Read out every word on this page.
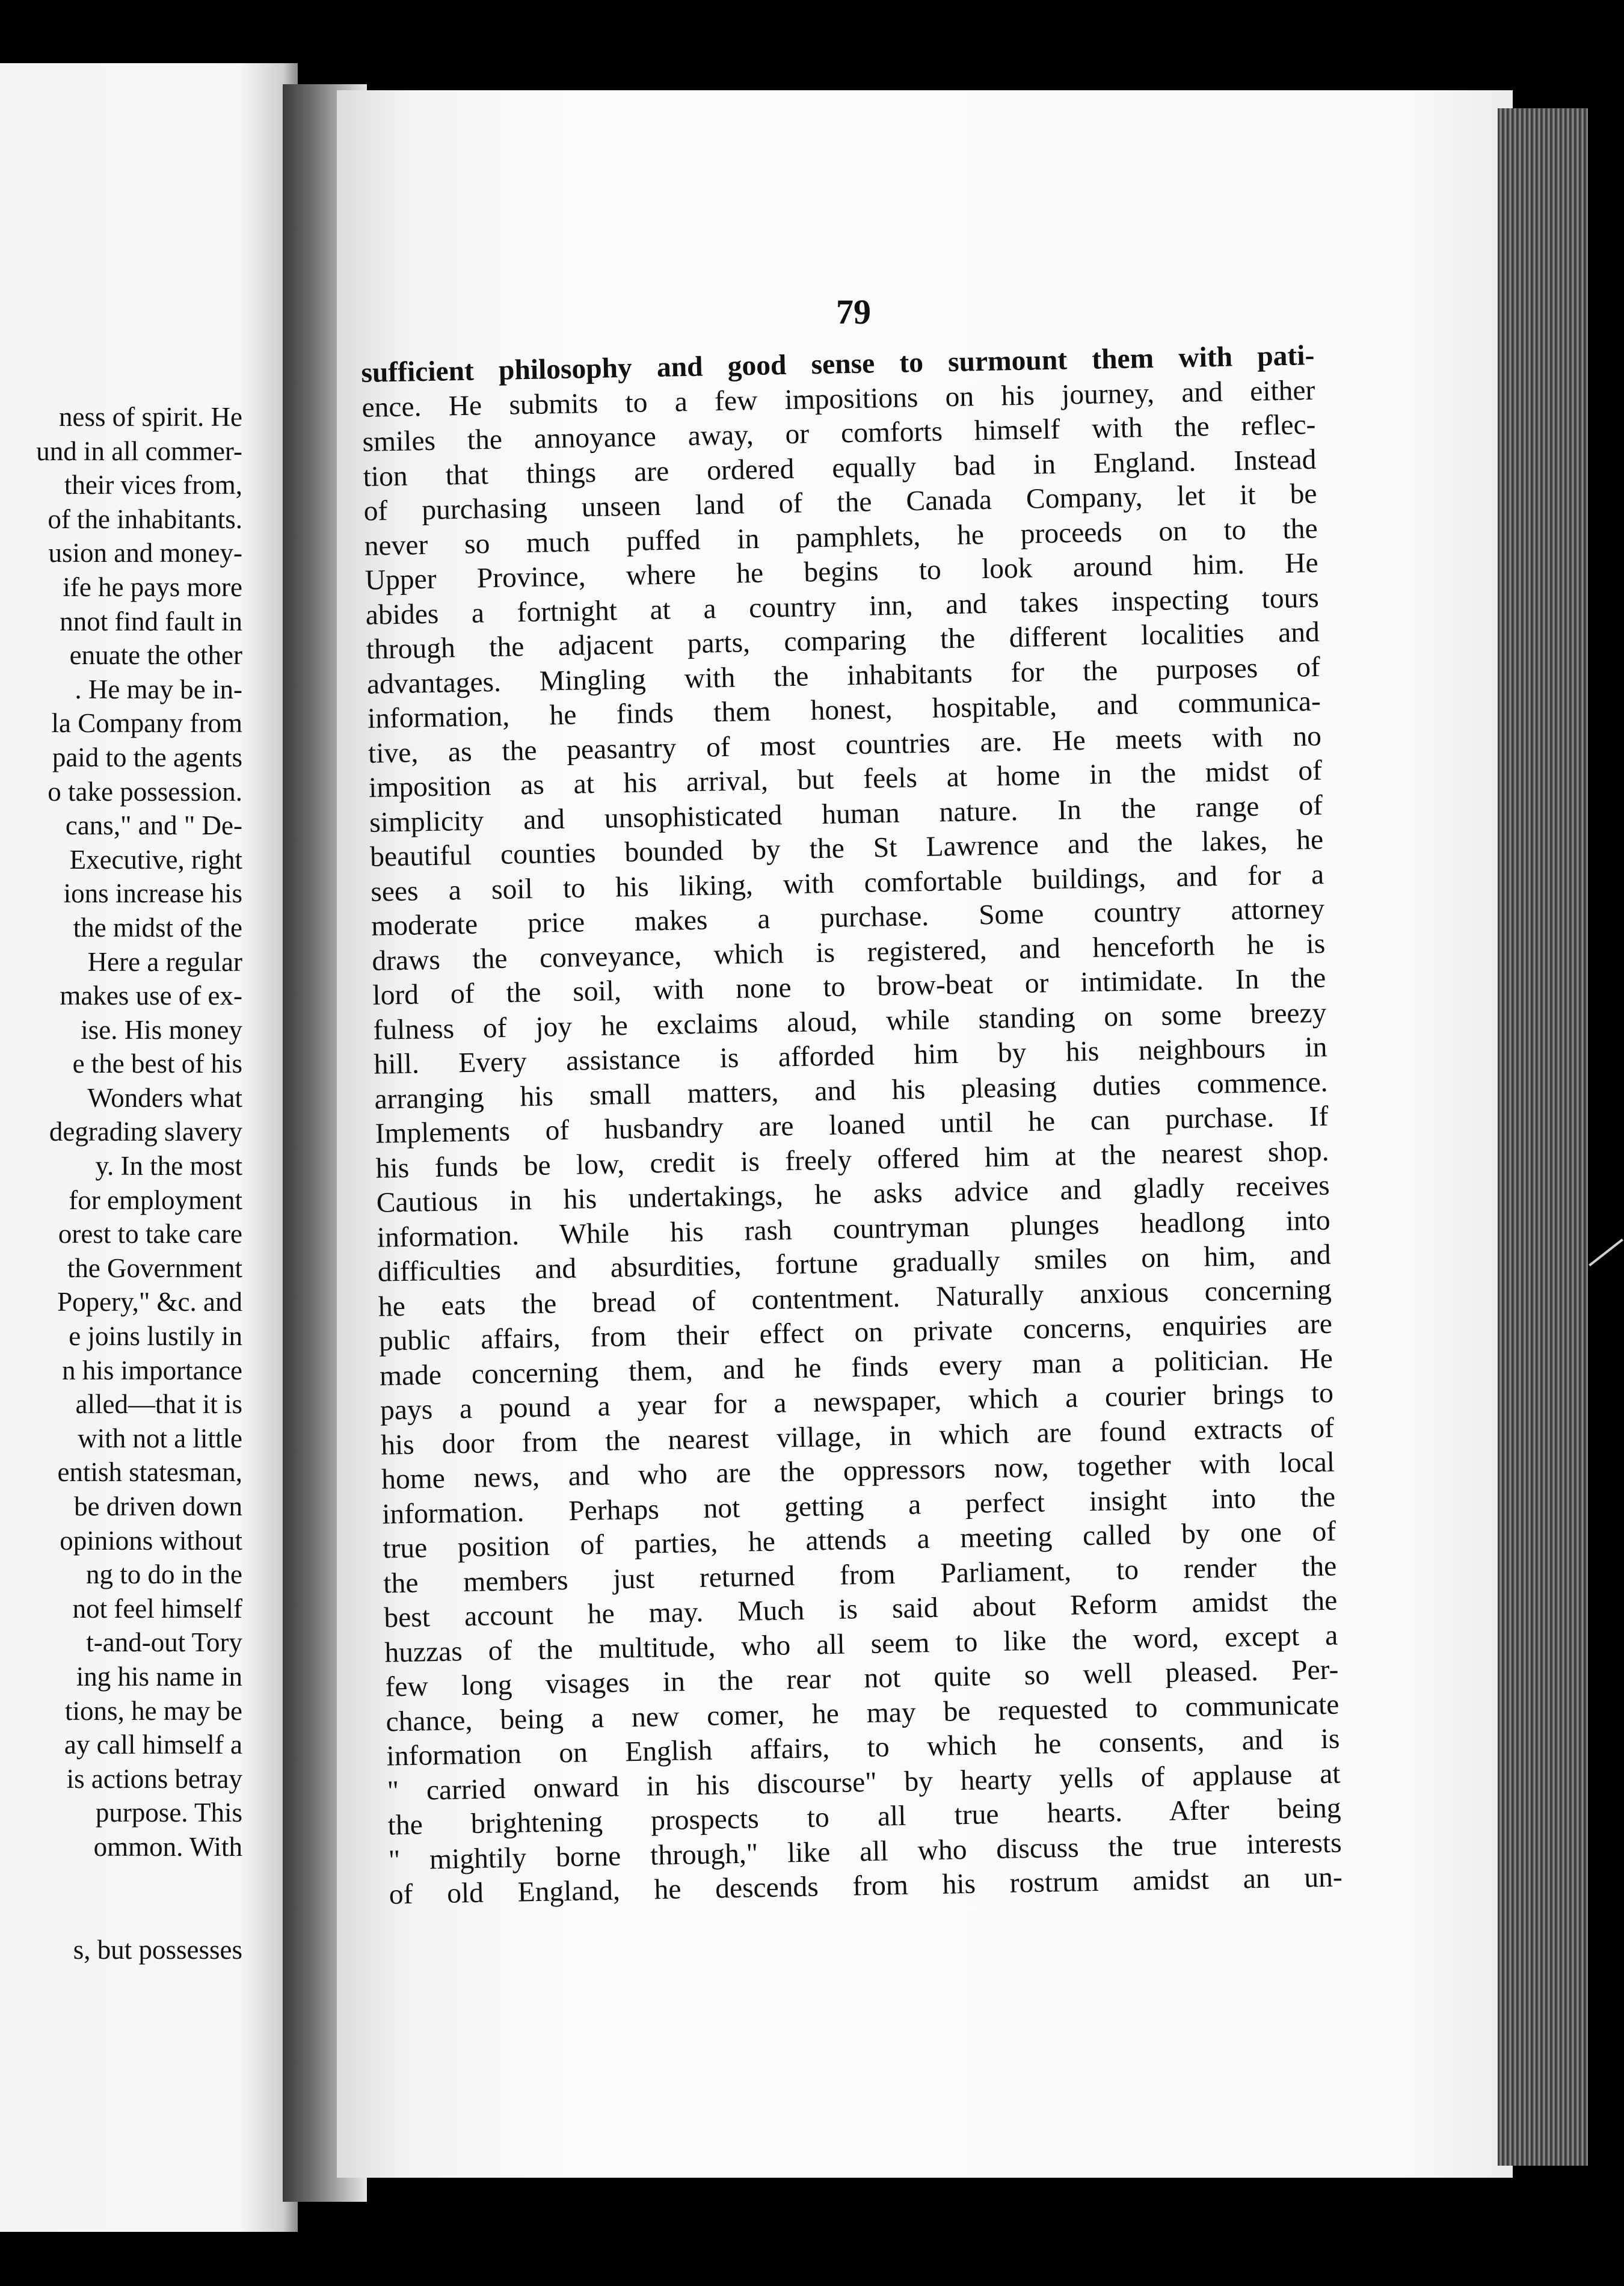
ness of spirit. He
und in all commer-
their vices from,
of the inhabitants.
usion and money-
ife he pays more
nnot find fault in
enuate the other
. He may be in-
la Company from
paid to the agents
o take possession.
cans," and " De-
Executive, right
ions increase his
the midst of the
Here a regular
makes use of ex-
ise. His money
e the best of his
Wonders what
degrading slavery
y. In the most
for employment
orest to take care
the Government
Popery," &c. and
e joins lustily in
n his importance
alled—that it is
with not a little
entish statesman,
be driven down
opinions without
ng to do in the
not feel himself
t-and-out Tory
ing his name in
tions, he may be
ay call himself a
is actions betray
purpose. This
ommon. With
s, but possesses
79
sufficient philosophy and good sense to surmount them with pati-
ence. He submits to a few impositions on his journey, and either
smiles the annoyance away, or comforts himself with the reflec-
tion that things are ordered equally bad in England. Instead
of purchasing unseen land of the Canada Company, let it be
never so much puffed in pamphlets, he proceeds on to the
Upper Province, where he begins to look around him. He
abides a fortnight at a country inn, and takes inspecting tours
through the adjacent parts, comparing the different localities and
advantages. Mingling with the inhabitants for the purposes of
information, he finds them honest, hospitable, and communica-
tive, as the peasantry of most countries are. He meets with no
imposition as at his arrival, but feels at home in the midst of
simplicity and unsophisticated human nature. In the range of
beautiful counties bounded by the St Lawrence and the lakes, he
sees a soil to his liking, with comfortable buildings, and for a
moderate price makes a purchase. Some country attorney
draws the conveyance, which is registered, and henceforth he is
lord of the soil, with none to brow-beat or intimidate. In the
fulness of joy he exclaims aloud, while standing on some breezy
hill. Every assistance is afforded him by his neighbours in
arranging his small matters, and his pleasing duties commence.
Implements of husbandry are loaned until he can purchase. If
his funds be low, credit is freely offered him at the nearest shop.
Cautious in his undertakings, he asks advice and gladly receives
information. While his rash countryman plunges headlong into
difficulties and absurdities, fortune gradually smiles on him, and
he eats the bread of contentment. Naturally anxious concerning
public affairs, from their effect on private concerns, enquiries are
made concerning them, and he finds every man a politician. He
pays a pound a year for a newspaper, which a courier brings to
his door from the nearest village, in which are found extracts of
home news, and who are the oppressors now, together with local
information. Perhaps not getting a perfect insight into the
true position of parties, he attends a meeting called by one of
the members just returned from Parliament, to render the
best account he may. Much is said about Reform amidst the
huzzas of the multitude, who all seem to like the word, except a
few long visages in the rear not quite so well pleased. Per-
chance, being a new comer, he may be requested to communicate
information on English affairs, to which he consents, and is
" carried onward in his discourse" by hearty yells of applause at
the brightening prospects to all true hearts. After being
" mightily borne through," like all who discuss the true interests
of old England, he descends from his rostrum amidst an un-
